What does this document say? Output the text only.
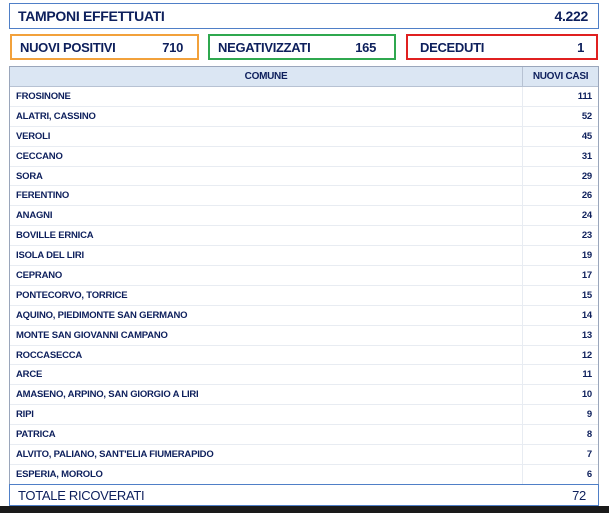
TAMPONI EFFETTUATI	4.222
NUOVI POSITIVI	710	NEGATIVIZZATI	165	DECEDUTI	1
COMUNE	NUOVI CASI
FROSINONE	111
ALATRI, CASSINO	52
VEROLI	45
CECCANO	31
SORA	29
FERENTINO	26
ANAGNI	24
BOVILLE ERNICA	23
ISOLA DEL LIRI	19
CEPRANO	17
PONTECORVO, TORRICE	15
AQUINO, PIEDIMONTE SAN GERMANO	14
MONTE SAN GIOVANNI CAMPANO	13
ROCCASECCA	12
ARCE	11
AMASENO, ARPINO, SAN GIORGIO A LIRI	10
RIPI	9
PATRICA	8
ALVITO, PALIANO, SANT'ELIA FIUMERAPIDO	7
ESPERIA, MOROLO	6
TOTALE RICOVERATI	72
